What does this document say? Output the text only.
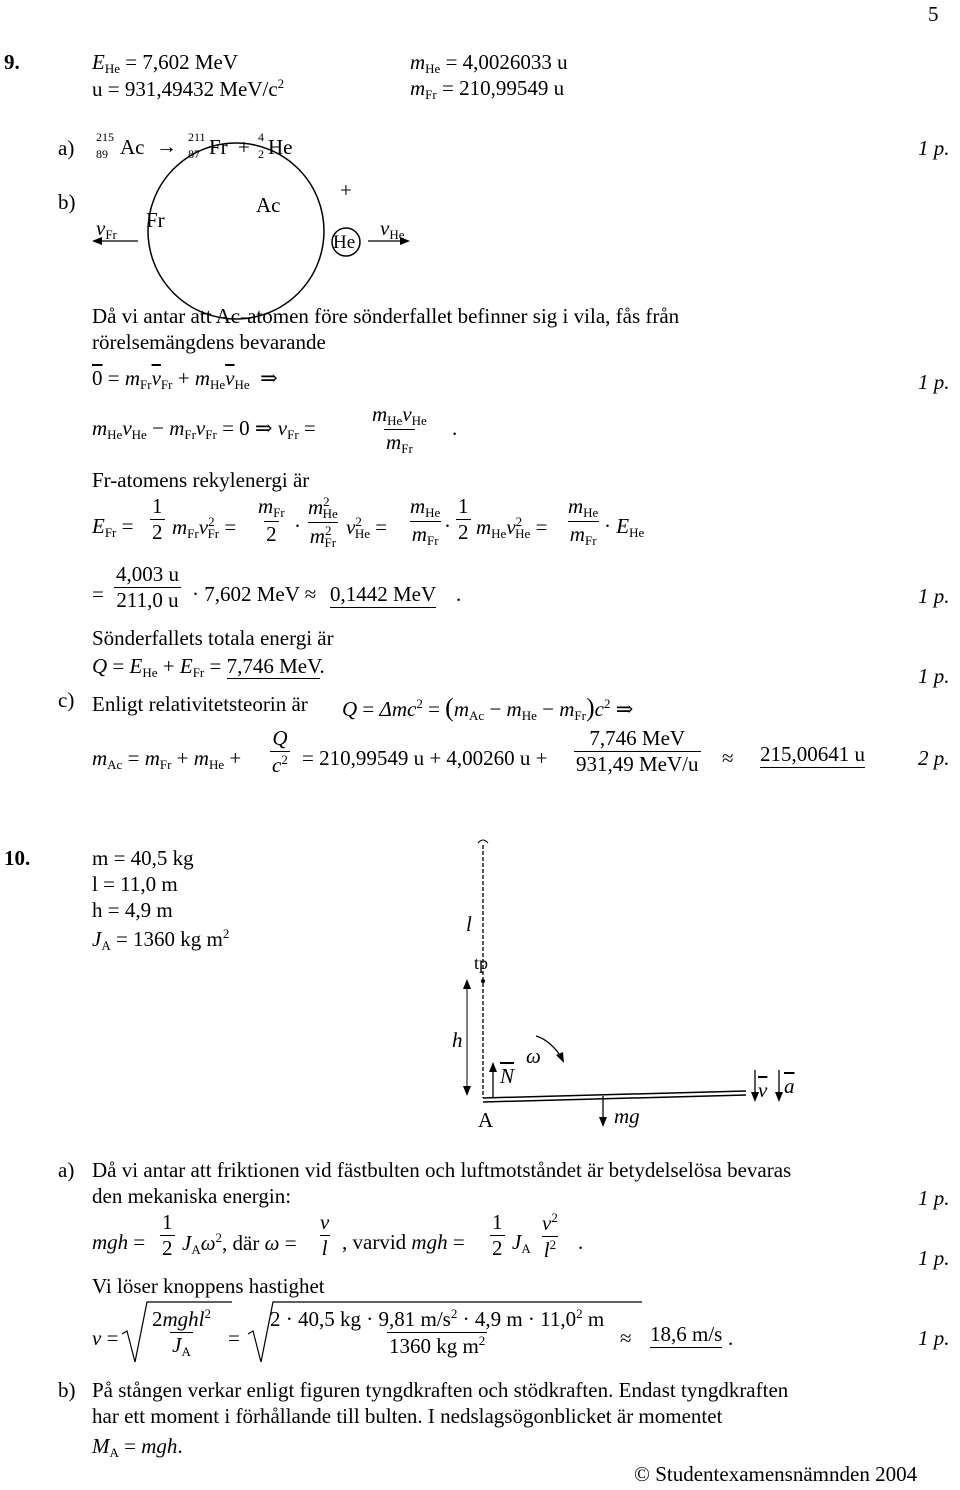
5
9.	$E_{He} = 7,602$ MeV
u = 931,49432 MeV/$c^2$
$m_{He} = 4,0026033$ u
$m_{Fr} = 210,99549$ u
a) 215
89 Ac → 211
87 Fr + 4
2 He	1 p.
b)
$v_{Fr}$
Fr
Ac
+
He
$v_{He}$
Då vi antar att Ac-atomen före sönderfallet befinner sig i vila, fås från
rörelsemängdens bevarande
$0 = m_{Fr}\overline{v}_{Fr} + m_{He}\overline{v}_{He}$  ⇒	1 p.
$m_{He}v_{He} - m_{Fr}v_{Fr} = 0$ ⇒ $v_{Fr}$ =
$m_{He}v_{He}$
$m_{Fr}$
.
Fr-atomens rekylenergi är
$E_{Fr} = \frac{1}{2} m_{Fr}v^2_{Fr}$ =
$m_{Fr}$
$2 \cdot \frac{m^2_{He}}{m^2_{Fr}} v^2_{He}$ =
$m_{He}$
$m_{Fr}$
· $\frac{1}{2} m_{He}v^2_{He}$ =
$m_{He}$
$m_{Fr}$
· $E_{He}$
= $\frac{4,003 u}{211,0 u} \cdot 7,602$ MeV ≈ 0,1442 MeV .	1 p.
Sönderfallets totala energi är
$Q = E_{He} + E_{Fr} = 7,746$ MeV.	1 p.
c) Enligt relativitetsteorin är $Q = \Delta mc^2 = (m_{Ac} - m_{He} - m_{Fr})c^2$ ⇒
$m_{Ac} = m_{Fr} + m_{He} + \frac{Q}{c^2} = 210,99549$ u + 4,00260 u +
7,746 MeV
931,49 MeV/u ≈ 215,00641 u	2 p.
10.	m = 40,5 kg
l = 11,0 m
h = 4,9 m
$J_A = 1360$ kg $m^2$	l
tp
h
ω
$\overline{N}$
A	mg
$\overline{v}$ $\overline{a}$
a) Då vi antar att friktionen vid fästbulten och luftmotståndet är betydelselösa bevaras
den mekaniska energin:	1 p.
mgh = $\frac{1}{2} J_A\omega^2$, där $\omega = \frac{v}{l}$ , varvid mgh = $\frac{1}{2} J_A \frac{v^2}{l^2}$ .
1 p.
Vi löser knoppens hastighet
v =
2mghl$^2$
$J_A$
= $\frac{2 \cdot 40,5 kg \cdot 9,81 m/s^2 \cdot 4,9 m \cdot 11,0^2 m}{1360 kg m^2} \approx 18,6$ m/s .	1 p.
b) På stången verkar enligt figuren tyngdkraften och stödkraften. Endast tyngdkraften
har ett moment i förhållande till bulten. I nedslagsögonblicket är momentet
$M_A$ = mgh.
© Studentexamensnämnden 2004
